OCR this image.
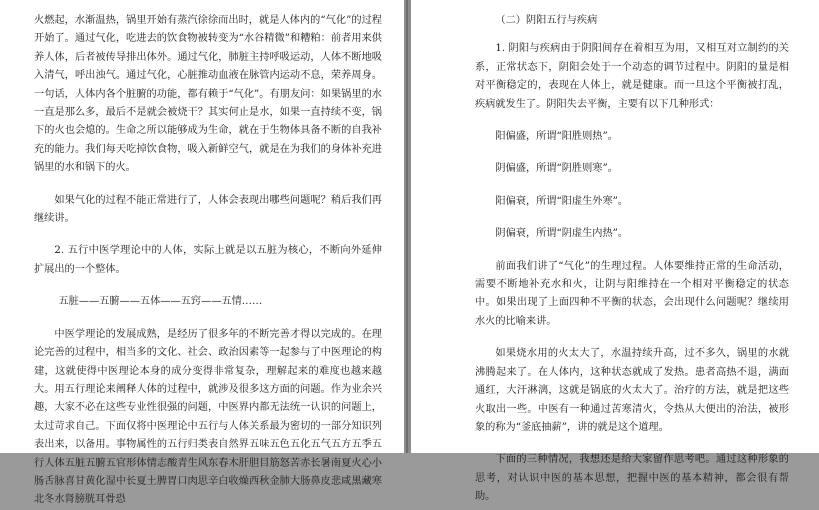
火燃起，水渐温热，锅里开始有蒸汽徐徐而出时，就是人体内的“气化”的过程开始了。通过气化，吃进去的饮食物被转变为“水谷精微”和糟粕：前者用来供养人体，后者被传导排出体外。通过气化，肺脏主持呼吸运动，人体不断地吸入清气，呼出浊气。通过气化，心脏推动血液在脉管内运动不息，荣养周身。一句话，人体内各个脏腑的功能，都有赖于“气化”。有朋友问：如果锅里的水一直是那么多，最后不是就会被烧干？其实何止是水，如果一直持续不变，锅下的火也会熄的。生命之所以能够成为生命，就在于生物体具备不断的自我补充的能力。我们每天吃掉饮食物，吸入新鲜空气，就是在为我们的身体补充进锅里的水和锅下的火。

如果气化的过程不能正常进行了，人体会表现出哪些问题呢？稍后我们再继续讲。

2. 五行中医学理论中的人体，实际上就是以五脏为核心，不断向外延伸扩展出的一个整体。

五脏——五腑——五体——五窍——五情……

中医学理论的发展成熟，是经历了很多年的不断完善才得以完成的。在理论完善的过程中，相当多的文化、社会、政治因素等一起参与了中医理论的构建，这就使得中医理论本身的成分变得非常复杂，理解起来的难度也越来越大。用五行理论来阐释人体的过程中，就涉及很多这方面的问题。作为业余兴趣，大家不必在这些专业性很强的问题，中医界内都无法统一认识的问题上，太过苛求自己。下面仅将中医理论中五行与人体关系最为密切的一部分知识列表出来，以备用。事物属性的五行归类表自然界五味五色五化五气五方五季五行人体五脏五腑五官形体情志酸青生风东春木肝胆目筋怒苦赤长暑南夏火心小肠舌脉喜甘黄化湿中长夏土脾胃口肉思辛白收燥西秋金肺大肠鼻皮悲咸黑藏寒北冬水肾膀胱耳骨恐

（二）阴阳五行与疾病

1. 阴阳与疾病由于阴阳间存在着相互为用，又相互对立制约的关系，正常状态下，阴阳会处于一个动态的调节过程中。阴阳的量是相对平衡稳定的，表现在人体上，就是健康。而一旦这个平衡被打乱，疾病就发生了。阴阳失去平衡，主要有以下几种形式：

阳偏盛，所谓“阳胜则热”。

阴偏盛，所谓“阴胜则寒”。

阳偏衰，所谓“阳虚生外寒”。

阴偏衰，所谓“阴虚生内热”。

前面我们讲了“气化”的生理过程。人体要维持正常的生命活动，需要不断地补充水和火，让阴与阳维持在一个相对平衡稳定的状态中。如果出现了上面四种不平衡的状态，会出现什么问题呢？继续用水火的比喻来讲。

如果烧水用的火太大了，水温持续升高，过不多久，锅里的水就沸腾起来了。在人体内，这种状态就成了发热。患者高热不退，满面通红，大汗淋漓，这就是锅底的火太大了。治疗的方法，就是把这些火取出一些。中医有一种通过苦寒清火，令热从大便出的治法，被形象的称为“釜底抽薪”，讲的就是这个道理。

下面的三种情况，我想还是给大家留作思考吧。通过这种形象的思考，对认识中医的基本思想，把握中医的基本精神，都会很有帮助。
